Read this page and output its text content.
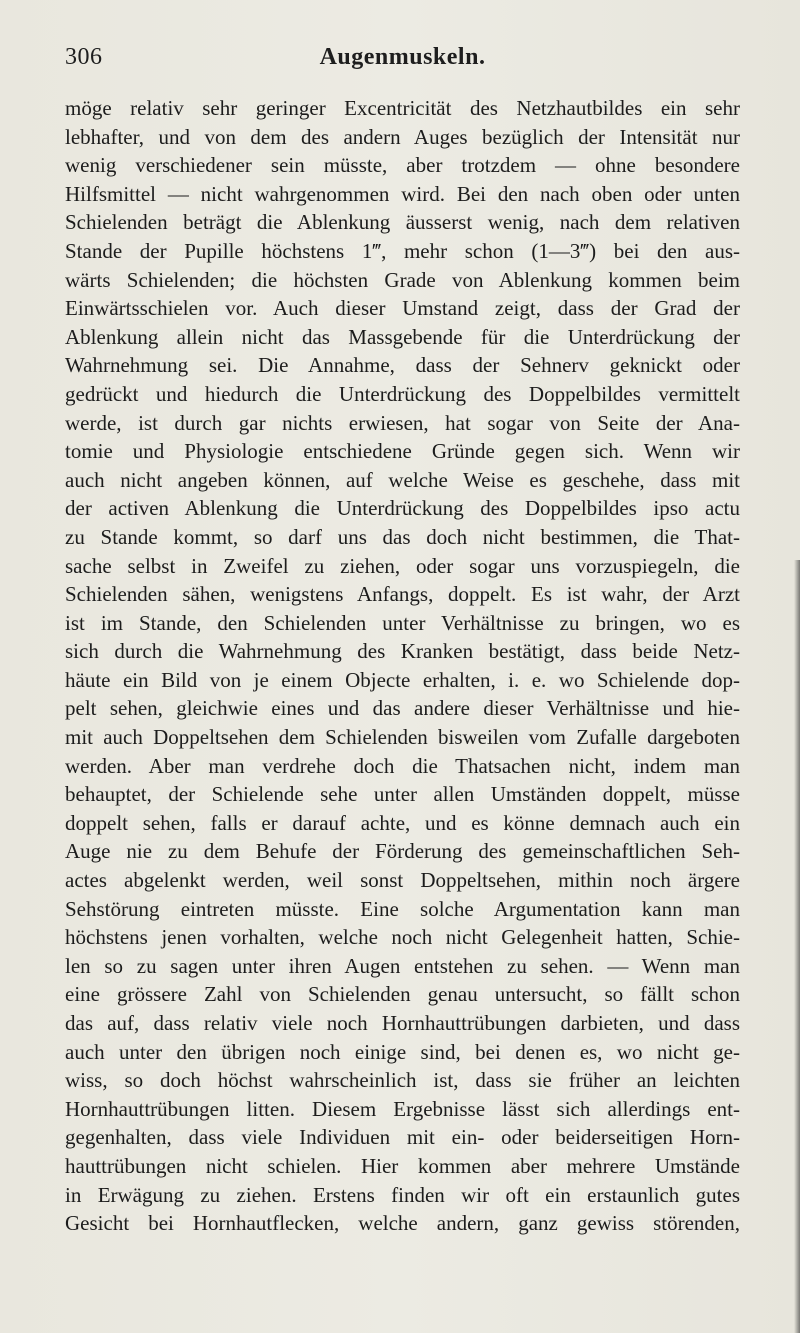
306	Augenmuskeln.
möge relativ sehr geringer Excentricität des Netzhautbildes ein sehr
lebhafter, und von dem des andern Auges bezüglich der Intensität nur
wenig verschiedener sein müsste, aber trotzdem — ohne besondere
Hilfsmittel — nicht wahrgenommen wird. Bei den nach oben oder unten
Schielenden beträgt die Ablenkung äusserst wenig, nach dem relativen
Stande der Pupille höchstens 1‴, mehr schon (1—3‴) bei den aus-
wärts Schielenden; die höchsten Grade von Ablenkung kommen beim
Einwärtsschielen vor. Auch dieser Umstand zeigt, dass der Grad der
Ablenkung allein nicht das Massgebende für die Unterdrückung der
Wahrnehmung sei. Die Annahme, dass der Sehnerv geknickt oder
gedrückt und hiedurch die Unterdrückung des Doppelbildes vermittelt
werde, ist durch gar nichts erwiesen, hat sogar von Seite der Ana-
tomie und Physiologie entschiedene Gründe gegen sich. Wenn wir
auch nicht angeben können, auf welche Weise es geschehe, dass mit
der activen Ablenkung die Unterdrückung des Doppelbildes ipso actu
zu Stande kommt, so darf uns das doch nicht bestimmen, die That-
sache selbst in Zweifel zu ziehen, oder sogar uns vorzuspiegeln, die
Schielenden sähen, wenigstens Anfangs, doppelt. Es ist wahr, der Arzt
ist im Stande, den Schielenden unter Verhältnisse zu bringen, wo es
sich durch die Wahrnehmung des Kranken bestätigt, dass beide Netz-
häute ein Bild von je einem Objecte erhalten, i. e. wo Schielende dop-
pelt sehen, gleichwie eines und das andere dieser Verhältnisse und hie-
mit auch Doppeltsehen dem Schielenden bisweilen vom Zufalle dargeboten
werden. Aber man verdrehe doch die Thatsachen nicht, indem man
behauptet, der Schielende sehe unter allen Umständen doppelt, müsse
doppelt sehen, falls er darauf achte, und es könne demnach auch ein
Auge nie zu dem Behufe der Förderung des gemeinschaftlichen Seh-
actes abgelenkt werden, weil sonst Doppeltsehen, mithin noch ärgere
Sehstörung eintreten müsste. Eine solche Argumentation kann man
höchstens jenen vorhalten, welche noch nicht Gelegenheit hatten, Schie-
len so zu sagen unter ihren Augen entstehen zu sehen. — Wenn man
eine grössere Zahl von Schielenden genau untersucht, so fällt schon
das auf, dass relativ viele noch Hornhauttrübungen darbieten, und dass
auch unter den übrigen noch einige sind, bei denen es, wo nicht ge-
wiss, so doch höchst wahrscheinlich ist, dass sie früher an leichten
Hornhauttrübungen litten. Diesem Ergebnisse lässt sich allerdings ent-
gegenhalten, dass viele Individuen mit ein- oder beiderseitigen Horn-
hauttrübungen nicht schielen. Hier kommen aber mehrere Umstände
in Erwägung zu ziehen. Erstens finden wir oft ein erstaunlich gutes
Gesicht bei Hornhautflecken, welche andern, ganz gewiss störenden,
